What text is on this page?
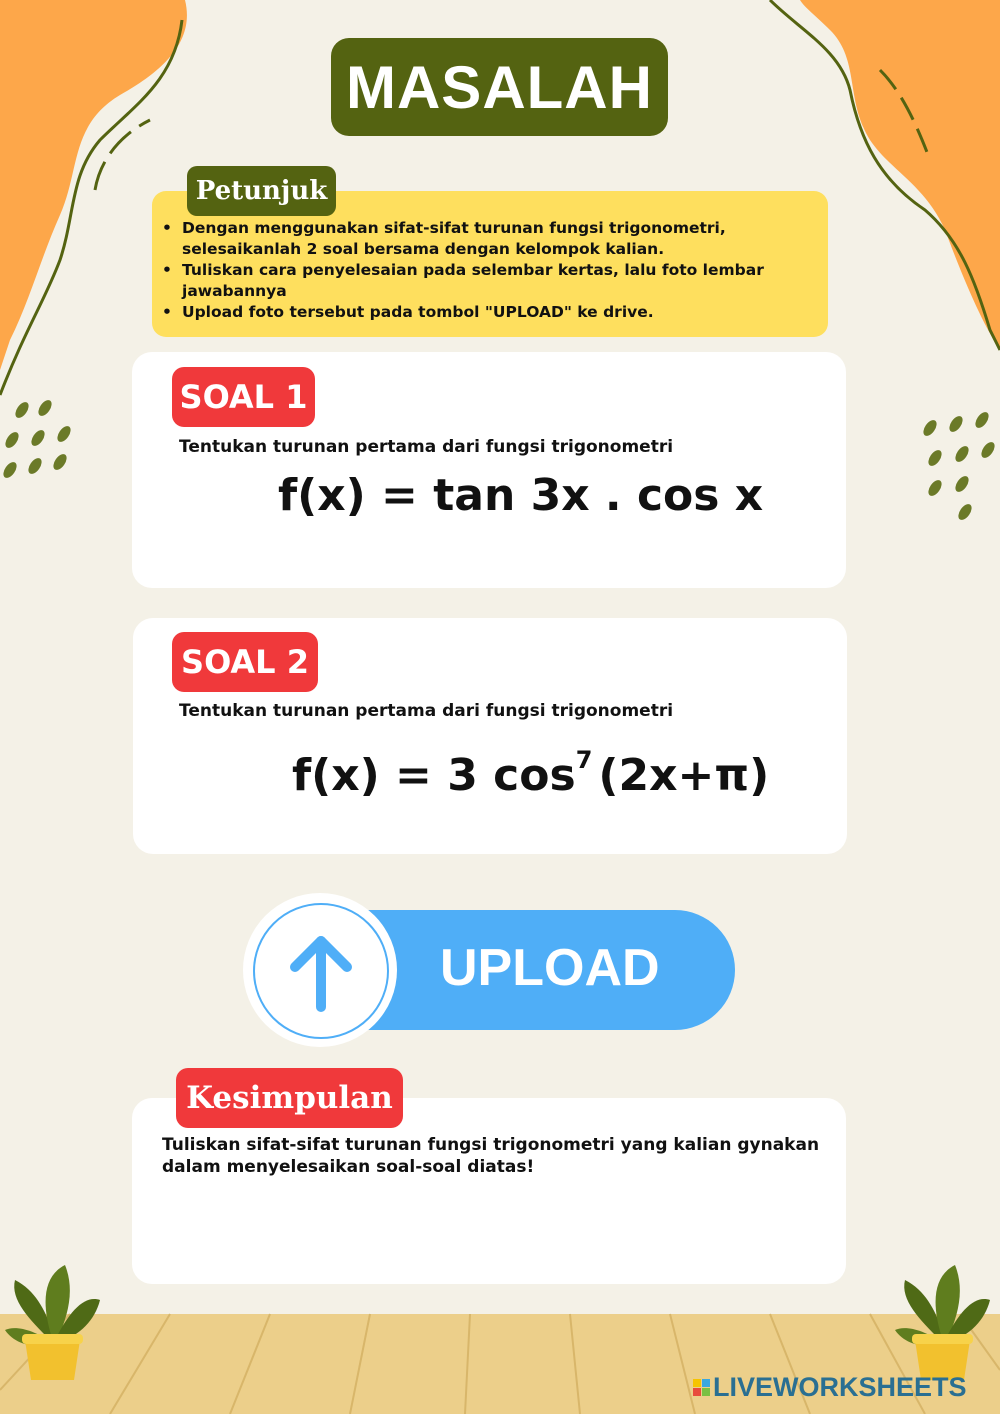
MASALAH
Petunjuk
• Dengan menggunakan sifat-sifat turunan fungsi trigonometri, selesaikanlah 2 soal bersama dengan kelompok kalian.
• Tuliskan cara penyelesaian pada selembar kertas, lalu foto lembar jawabannya
• Upload foto tersebut pada tombol "UPLOAD" ke drive.
SOAL 1
Tentukan turunan pertama dari fungsi trigonometri
f(x) = tan 3x . cos x
SOAL 2
Tentukan turunan pertama dari fungsi trigonometri
f(x) = 3 $\cos^7 (2x+\pi)$
UPLOAD
Kesimpulan
Tuliskan sifat-sifat turunan fungsi trigonometri yang kalian gynakan dalam menyelesaikan soal-soal diatas!
LIVEWORKSHEETS
